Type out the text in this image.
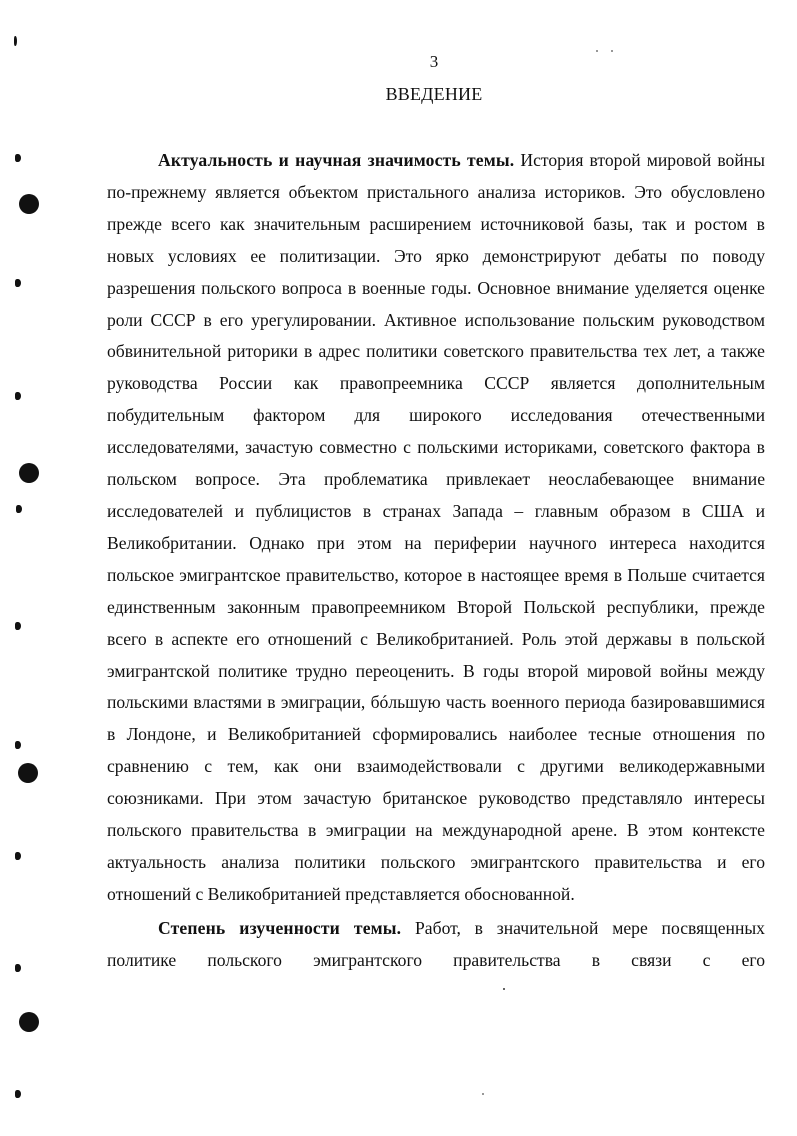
3
ВВЕДЕНИЕ

Актуальность и научная значимость темы. История второй мировой войны по-прежнему является объектом пристального анализа историков. Это обусловлено прежде всего как значительным расширением источниковой базы, так и ростом в новых условиях ее политизации. Это ярко демонстрируют дебаты по поводу разрешения польского вопроса в военные годы. Основное внимание уделяется оценке роли СССР в его урегулировании. Активное использование польским руководством обвинительной риторики в адрес политики советского правительства тех лет, а также руководства России как правопреемника СССР является дополнительным побудительным фактором для широкого исследования отечественными исследователями, зачастую совместно с польскими историками, советского фактора в польском вопросе. Эта проблематика привлекает неослабевающее внимание исследователей и публицистов в странах Запада – главным образом в США и Великобритании. Однако при этом на периферии научного интереса находится польское эмигрантское правительство, которое в настоящее время в Польше считается единственным законным правопреемником Второй Польской республики, прежде всего в аспекте его отношений с Великобританией. Роль этой державы в польской эмигрантской политике трудно переоценить. В годы второй мировой войны между польскими властями в эмиграции, бóльшую часть военного периода базировавшимися в Лондоне, и Великобританией сформировались наиболее тесные отношения по сравнению с тем, как они взаимодействовали с другими великодержавными союзниками. При этом зачастую британское руководство представляло интересы польского правительства в эмиграции на международной арене. В этом контексте актуальность анализа политики польского эмигрантского правительства и его отношений с Великобританией представляется обоснованной.

Степень изученности темы. Работ, в значительной мере посвященных политике польского эмигрантского правительства в связи с его
